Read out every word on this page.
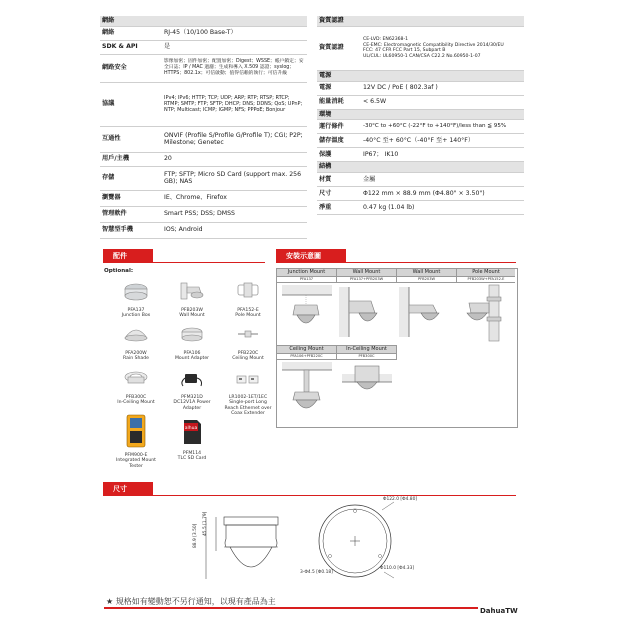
網絡	
網絡	RJ-45（10/100 Base-T）
SDK & API	是
網路安全	影像加密；固件加密；配置加密；Digest；WSSE；帳戶鎖定；安全日誌；IP / MAC 過濾；生成和導入 X.509 認證；syslog；HTTPS；802.1x；可信啟動；值得信賴的執行；可信升級
協議	IPv4; IPv6; HTTP; TCP; UDP; ARP; RTP; RTSP; RTCP; RTMP; SMTP; FTP; SFTP; DHCP; DNS; DDNS; QoS; UPnP; NTP; Multicast; ICMP; IGMP; NFS; PPPoE; Bonjour
互通性	ONVIF (Profile S/Profile G/Profile T); CGI; P2P; Milestone; Genetec
用戶/主機	20
存儲	FTP; SFTP; Micro SD Card (support max. 256 GB); NAS
瀏覽器	IE、Chrome、Firefox
管理軟件	Smart PSS; DSS; DMSS
智慧型手機	IOS; Android
資質認證	
資質認證	CE-LVD: EN62368-1
CE-EMC: Electromagnetic Compatibility Directive 2014/30/EU
FCC: 47 CFR FCC Part 15, Subpart B
UL/CUL: UL60950-1 CAN/CSA C22.2 No.60950-1-07
電源	
電源	12V DC / PoE ( 802.3af )
能量消耗	< 6.5W
環境	
運行條件	-30°C to +60°C (-22°F to +140°F)/less than ≦ 95%
儲存溫度	-40°C 至+ 60°C（-40°F 至+ 140°F）
保護	IP67； IK10
結構	
材質	金屬
尺寸	Φ122 mm × 88.9 mm (Φ4.80" × 3.50")
淨重	0.47 kg (1.04 lb)
配件	安裝示意圖
尺寸
Optional:
PFA137
Junction Box
PFB203W
Wall Mount
PFA152-E
Pole Mount
PFA200W
Rain Shade
PFA106
Mount Adapter
PFB220C
Ceiling Mount
PFB300C
In-Ceiling Mount
PFM321D
DC12V1A Power Adapter
LR1002-1ET/1EC
Single-port Long Reach Ethernet over Coax Extender
PFM900-E
Integrated Mount Tester
alhua
PFM114
TLC SD Card
Junction Mount	Wall Mount	Wall Mount	Pole Mount
PFA137	PFA137+PFB203W	PFB203W	PFB203W+PFA152-E
Ceiling Mount	In-Ceiling Mount
PFA106+PFB220C	PFB300C
88.9 [3.50] 45.5 [1.79]
Φ122.0 [Φ4.80]
Φ110.0 [Φ4.33]
3-Φ4.5 [Φ0.18]
★ 規格如有變動恕不另行通知，以現有產品為主
DahuaTW
